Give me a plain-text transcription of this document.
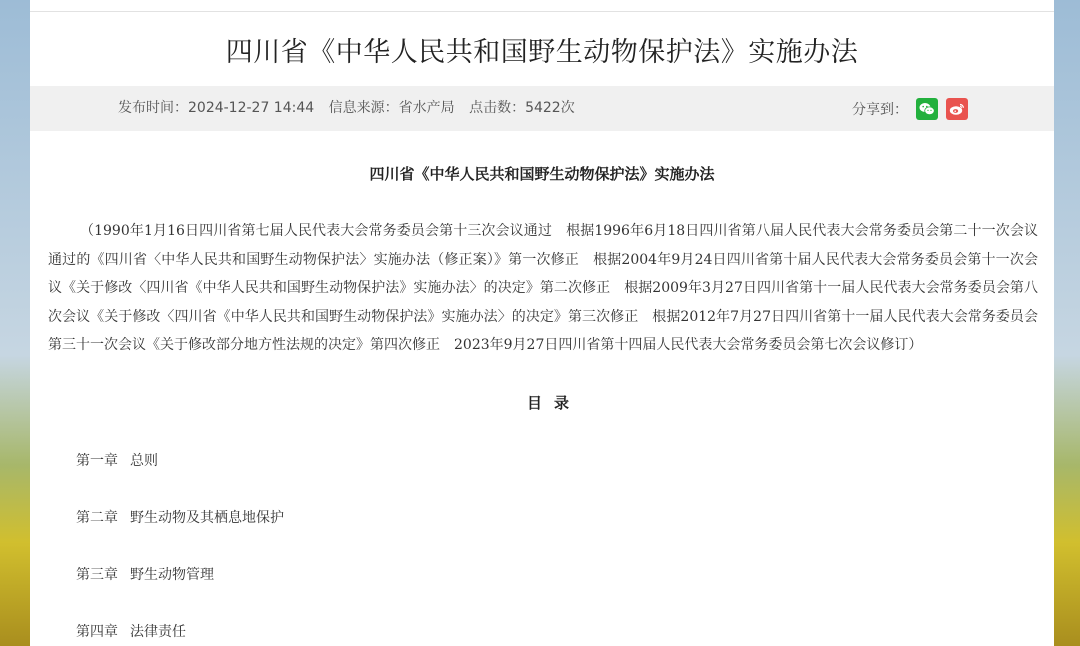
四川省《中华人民共和国野生动物保护法》实施办法
发布时间：2024-12-27 14:44 信息来源：省水产局 点击数：5422次	分享到：
四川省《中华人民共和国野生动物保护法》实施办法

（1990年1月16日四川省第七届人民代表大会常务委员会第十三次会议通过　根据1996年6月18日四川省第八届人民代表大会常务委员会第二十一次会议通过的《四川省〈中华人民共和国野生动物保护法〉实施办法（修正案）》第一次修正　根据2004年9月24日四川省第十届人民代表大会常务委员会第十一次会议《关于修改〈四川省《中华人民共和国野生动物保护法》实施办法〉的决定》第二次修正　根据2009年3月27日四川省第十一届人民代表大会常务委员会第八次会议《关于修改〈四川省《中华人民共和国野生动物保护法》实施办法〉的决定》第三次修正　根据2012年7月27日四川省第十一届人民代表大会常务委员会第三十一次会议《关于修改部分地方性法规的决定》第四次修正　2023年9月27日四川省第十四届人民代表大会常务委员会第七次会议修订）

目录
第一章 总则
第二章 野生动物及其栖息地保护
第三章 野生动物管理
第四章 法律责任
